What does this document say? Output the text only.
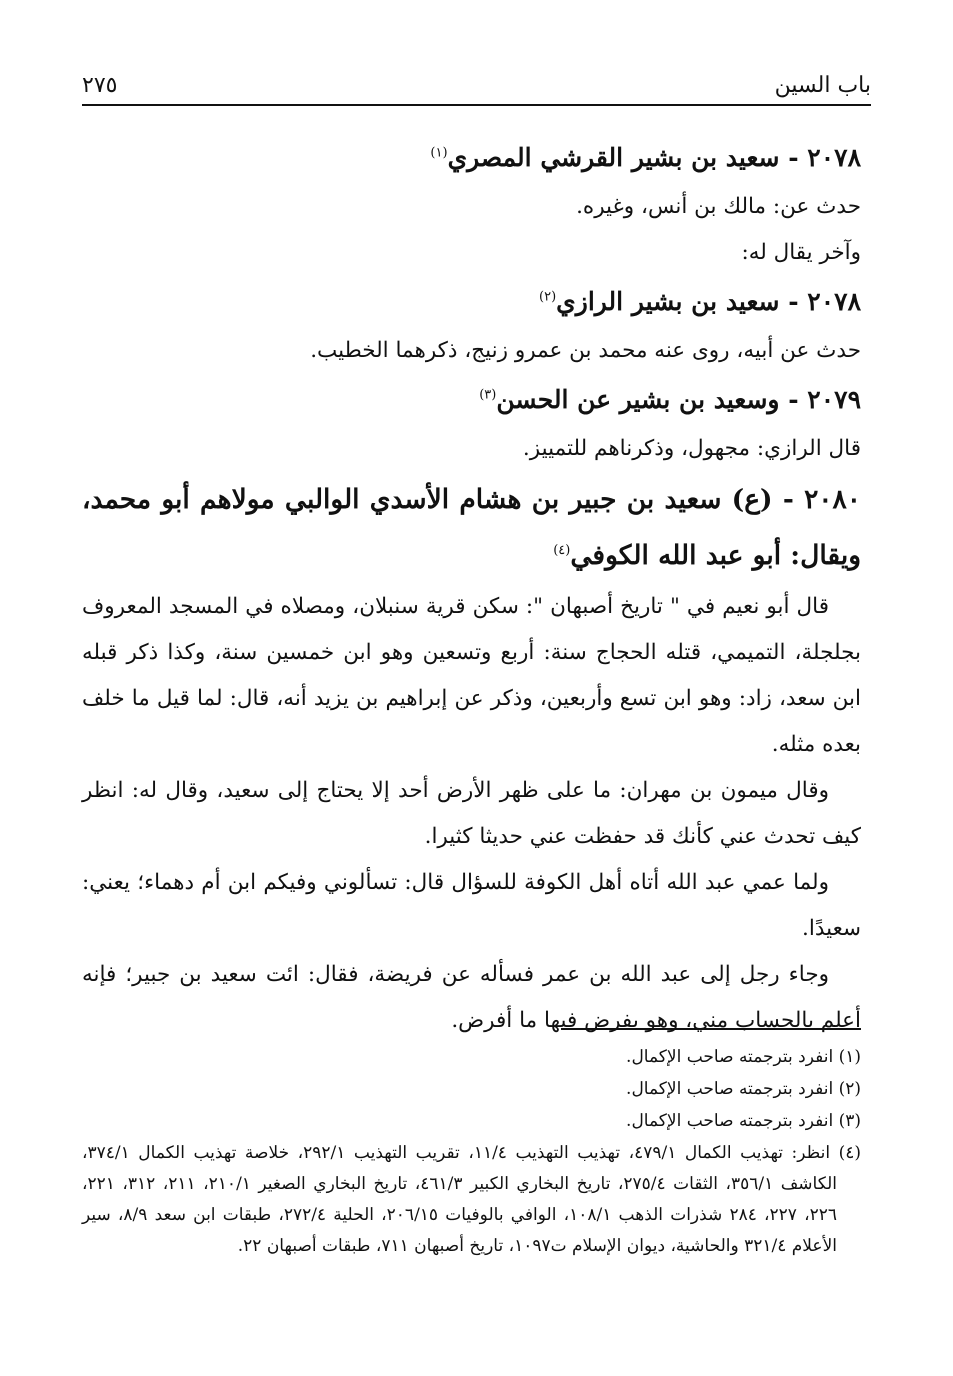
باب السين
٢٧٥

٢٠٧٨ - سعيد بن بشير القرشي المصري$^{(١)}$

حدث عن: مالك بن أنس، وغيره.

وآخر يقال له:

٢٠٧٨ - سعيد بن بشير الرازي$^{(٢)}$

حدث عن أبيه، روى عنه محمد بن عمرو زنيج، ذكرهما الخطيب.

٢٠٧٩ - وسعيد بن بشير عن الحسن$^{(٣)}$

قال الرازي: مجهول، وذكرناهم للتمييز.

٢٠٨٠ - (ع) سعيد بن جبير بن هشام الأسدي الوالبي مولاهم أبو محمد، ويقال: أبو عبد الله الكوفي$^{(٤)}$

قال أبو نعيم في " تاريخ أصبهان ": سكن قرية سنبلان، ومصلاه في المسجد المعروف بجلجلة، التميمي، قتله الحجاج سنة: أربع وتسعين وهو ابن خمسين سنة، وكذا ذكر قبله ابن سعد، زاد: وهو ابن تسع وأربعين، وذكر عن إبراهيم بن يزيد أنه، قال: لما قيل ما خلف بعده مثله.

وقال ميمون بن مهران: ما على ظهر الأرض أحد إلا يحتاج إلى سعيد، وقال له: انظر كيف تحدث عني كأنك قد حفظت عني حديثا كثيرا.

ولما عمي عبد الله أتاه أهل الكوفة للسؤال قال: تسألوني وفيكم ابن أم دهماء؛ يعني: سعيدًا.

وجاء رجل إلى عبد الله بن عمر فسأله عن فريضة، فقال: ائت سعيد بن جبير؛ فإنه أعلم بالحساب مني، وهو يفرض فيها ما أفرض.

(١) انفرد بترجمته صاحب الإكمال.

(٢) انفرد بترجمته صاحب الإكمال.

(٣) انفرد بترجمته صاحب الإكمال.

(٤) انظر: تهذيب الكمال ٤٧٩/١، تهذيب التهذيب ١١/٤، تقريب التهذيب ٢٩٢/١، خلاصة تهذيب الكمال ٣٧٤/١، الكاشف ٣٥٦/١، الثقات ٢٧٥/٤، تاريخ البخاري الكبير ٤٦١/٣، تاريخ البخاري الصغير ٢١٠/١، ٢١١، ٣١٢، ٢٢١، ٢٢٦، ٢٢٧، ٢٨٤ شذرات الذهب ١٠٨/١، الوافي بالوفيات ٢٠٦/١٥، الحلية ٢٧٢/٤، طبقات ابن سعد ٨/٩، سير الأعلام ٣٢١/٤ والحاشية، ديوان الإسلام ت١٠٩٧، تاريخ أصبهان ٧١١، طبقات أصبهان ٢٢.
